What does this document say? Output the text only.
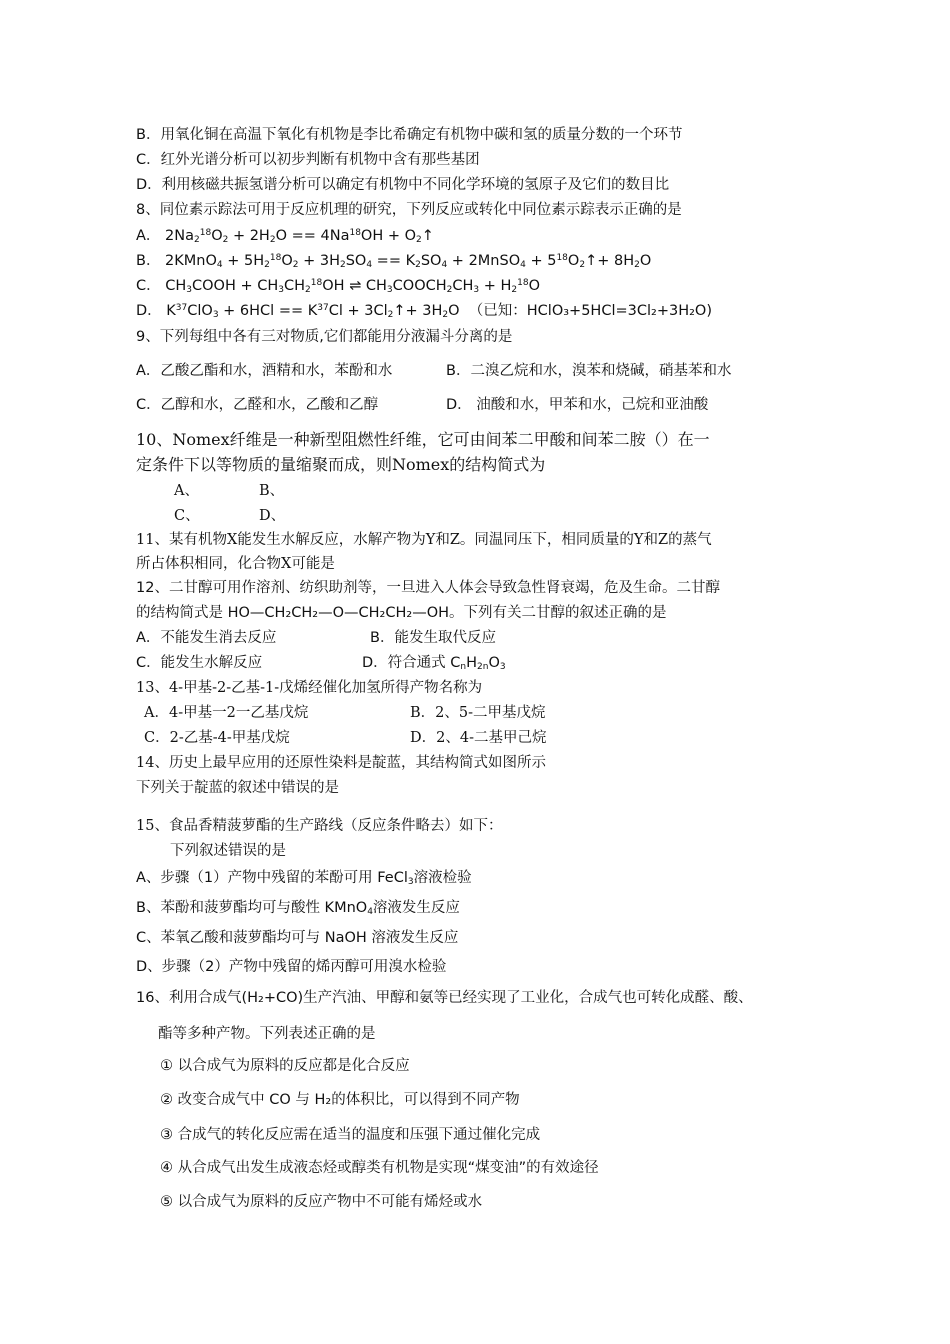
B．用氧化铜在高温下氧化有机物是李比希确定有机物中碳和氢的质量分数的一个环节
C．红外光谱分析可以初步判断有机物中含有那些基团
D．利用核磁共振氢谱分析可以确定有机物中不同化学环境的氢原子及它们的数目比
8、同位素示踪法可用于反应机理的研究，下列反应或转化中同位素示踪表示正确的是
A． $2Na_2^{18}O_2 + 2H_2O == 4Na^{18}OH$ + $O_2↑$
B． 2KMnO$_4$ + $5H_2^{18}O_2 + 3H_2SO_4 == K_2SO_4$ + 2MnSO$_4$ + $5^{18}O_2↑+ 8H_2O$
C． $CH_3COOH + CH_3CH_2^{18}OH$ ⇌ $CH_3COOCH_2CH_3 + H_2^{18}O$
D． $K^{37}ClO_3 + 6HCl == K^{37}Cl$ + $3Cl_2↑+ 3H_2O$  （已知：HClO₃+5HCl=3Cl₂+3H₂O)
9、下列每组中各有三对物质,它们都能用分液漏斗分离的是
A．乙酸乙酯和水，酒精和水，苯酚和水	B．二溴乙烷和水，溴苯和烧碱，硝基苯和水
C．乙醇和水，乙醛和水，乙酸和乙醇	D． 油酸和水，甲苯和水，己烷和亚油酸
10、Nomex纤维是一种新型阻燃性纤维，它可由间苯二甲酸和间苯二胺（）在一
定条件下以等物质的量缩聚而成，则Nomex的结构简式为
A、	B、
C、	D、
11、某有机物X能发生水解反应，水解产物为Y和Z。同温同压下，相同质量的Y和Z的蒸气
所占体积相同，化合物X可能是
12、二甘醇可用作溶剂、纺织助剂等，一旦进入人体会导致急性肾衰竭，危及生命。二甘醇
的结构简式是 HO—CH₂CH₂—O—CH₂CH₂—OH。下列有关二甘醇的叙述正确的是
A．不能发生消去反应	B．能发生取代反应
C．能发生水解反应	D．符合通式 $C_nH_{2n}O_3$
13、4-甲基-2-乙基-1-戊烯经催化加氢所得产物名称为
A．4-甲基一2一乙基戊烷	B．2、5-二甲基戊烷
C．2-乙基-4-甲基戊烷	D．2、4-二基甲己烷
14、历史上最早应用的还原性染料是靛蓝，其结构简式如图所示
下列关于靛蓝的叙述中错误的是
15、食品香精菠萝酯的生产路线（反应条件略去）如下：
下列叙述错误的是
A、步骤（1）产物中残留的苯酚可用 FeCl$_3$溶液检验
B、苯酚和菠萝酯均可与酸性 KMnO$_4$溶液发生反应
C、苯氧乙酸和菠萝酯均可与 NaOH 溶液发生反应
D、步骤（2）产物中残留的烯丙醇可用溴水检验
16、利用合成气(H₂+CO)生产汽油、甲醇和氨等已经实现了工业化，合成气也可转化成醛、酸、
酯等多种产物。下列表述正确的是
① 以合成气为原料的反应都是化合反应
② 改变合成气中 CO 与 H₂的体积比，可以得到不同产物
③ 合成气的转化反应需在适当的温度和压强下通过催化完成
④ 从合成气出发生成液态烃或醇类有机物是实现“煤变油”的有效途径
⑤ 以合成气为原料的反应产物中不可能有烯烃或水
